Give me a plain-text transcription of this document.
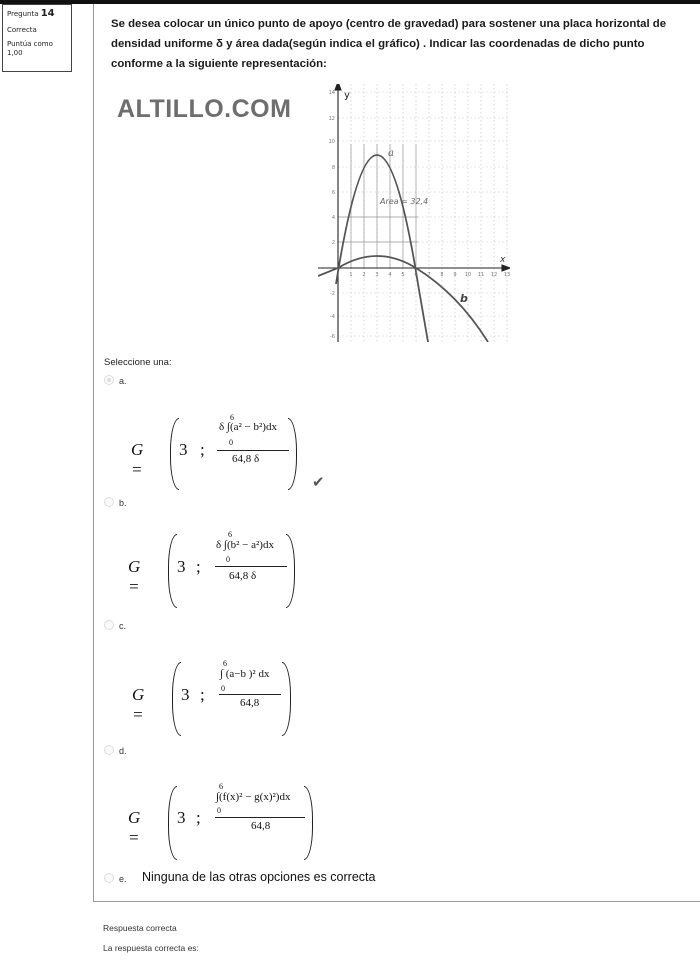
Pregunta 14
Correcta
Puntúa como
1,00
Se desea colocar un único punto de apoyo (centro de gravedad) para sostener una placa horizontal de densidad uniforme δ y área dada(según indica el gráfico) . Indicar las coordenadas de dicho punto conforme a la siguiente representación:
ALTILLO.COM	y
x
a
b
Area = 32,4
14
12
10
8
6
4
2
-2
-4
-6
1 2 3 4 5 6 7 8 9 10 11 12 13
Seleccione una:
a.
G =
3 ;
6
δ ∫(a² − b²)dx
0
64,8 δ
✔
b.
G =
3 ;
6
δ ∫(b² − a²)dx
0
64,8 δ
c.
G =
3 ;
6
∫ (a−b )² dx
0
64,8
d.
G =
3 ;
6
∫(f(x)² − g(x)²)dx
0
64,8
e. Ninguna de las otras opciones es correcta
Respuesta correcta
La respuesta correcta es:
